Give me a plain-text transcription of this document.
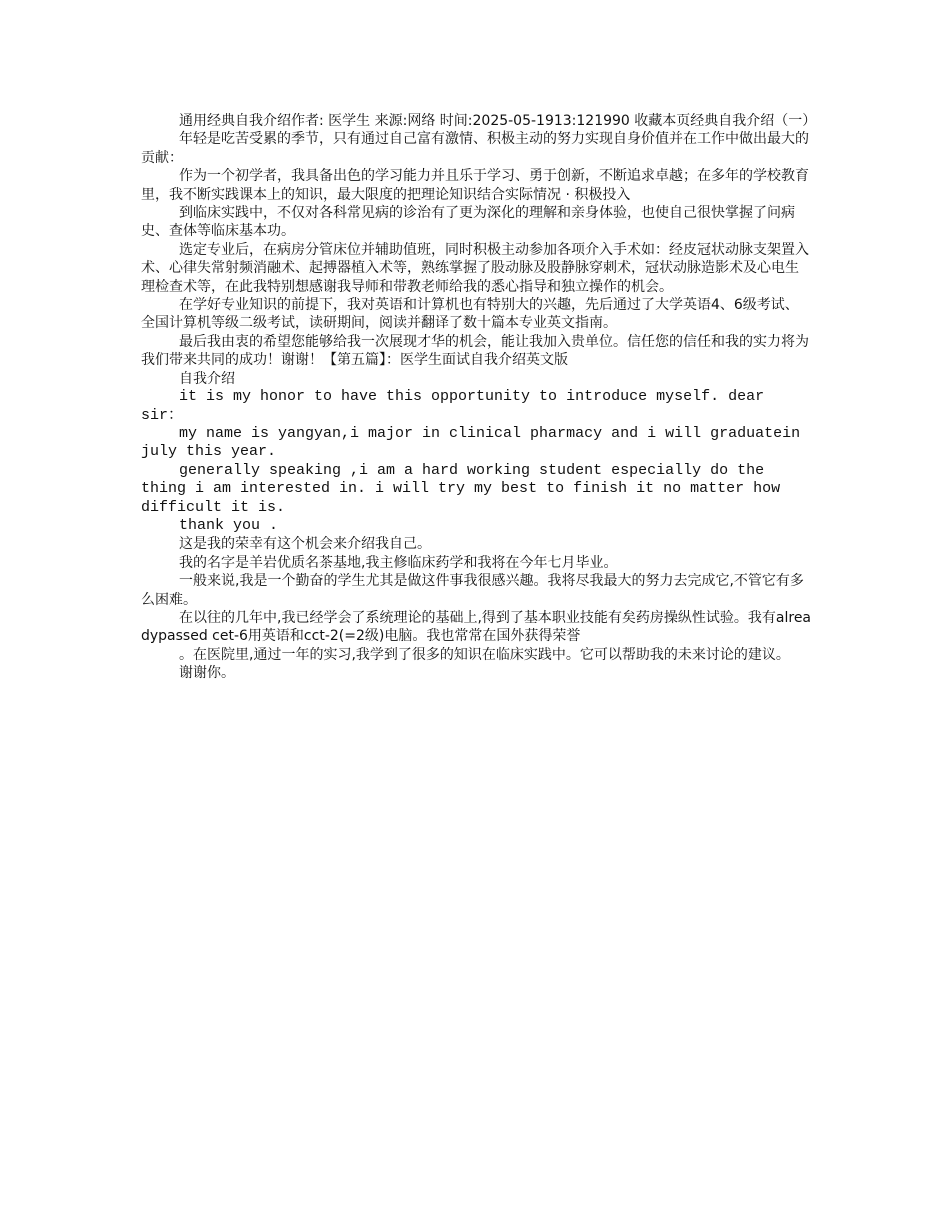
通用经典自我介绍作者: 医学生 来源:网络 时间:2025-05-1913:121990 收藏本页经典自我介绍（一）

年轻是吃苦受累的季节，只有通过自己富有激情、积极主动的努力实现自身价值并在工作中做出最大的贡献：

作为一个初学者，我具备出色的学习能力并且乐于学习、勇于创新，不断追求卓越；在多年的学校教育里，我不断实践课本上的知识，最大限度的把理论知识结合实际情况 · 积极投入

到临床实践中，不仅对各科常见病的诊治有了更为深化的理解和亲身体验，也使自己很快掌握了问病史、查体等临床基本功。

选定专业后，在病房分管床位并辅助值班，同时积极主动参加各项介入手术如：经皮冠状动脉支架置入术、心律失常射频消融术、起搏器植入术等，熟练掌握了股动脉及股静脉穿刺术，冠状动脉造影术及心电生理检查术等，在此我特别想感谢我导师和带教老师给我的悉心指导和独立操作的机会。

在学好专业知识的前提下，我对英语和计算机也有特别大的兴趣，先后通过了大学英语4、6级考试、全国计算机等级二级考试，读研期间，阅读并翻译了数十篇本专业英文指南。

最后我由衷的希望您能够给我一次展现才华的机会，能让我加入贵单位。信任您的信任和我的实力将为我们带来共同的成功！谢谢！【第五篇】：医学生面试自我介绍英文版

自我介绍

it is my honor to have this opportunity to introduce myself. dear sir：

my name is yangyan,i major in clinical pharmacy and i will graduatein july this year.

generally speaking ,i am a hard working student especially do the thing i am interested in. i will try my best to finish it no matter how difficult it is.

thank you .

这是我的荣幸有这个机会来介绍我自己。

我的名字是羊岩优质名茶基地,我主修临床药学和我将在今年七月毕业。

一般来说,我是一个勤奋的学生尤其是做这件事我很感兴趣。我将尽我最大的努力去完成它,不管它有多么困难。

在以往的几年中,我已经学会了系统理论的基础上,得到了基本职业技能有矣药房操纵性试验。我有alreadypassed cet-6用英语和cct-2(=2级)电脑。我也常常在国外获得荣誉

。在医院里,通过一年的实习,我学到了很多的知识在临床实践中。它可以帮助我的未来讨论的建议。

谢谢你。
